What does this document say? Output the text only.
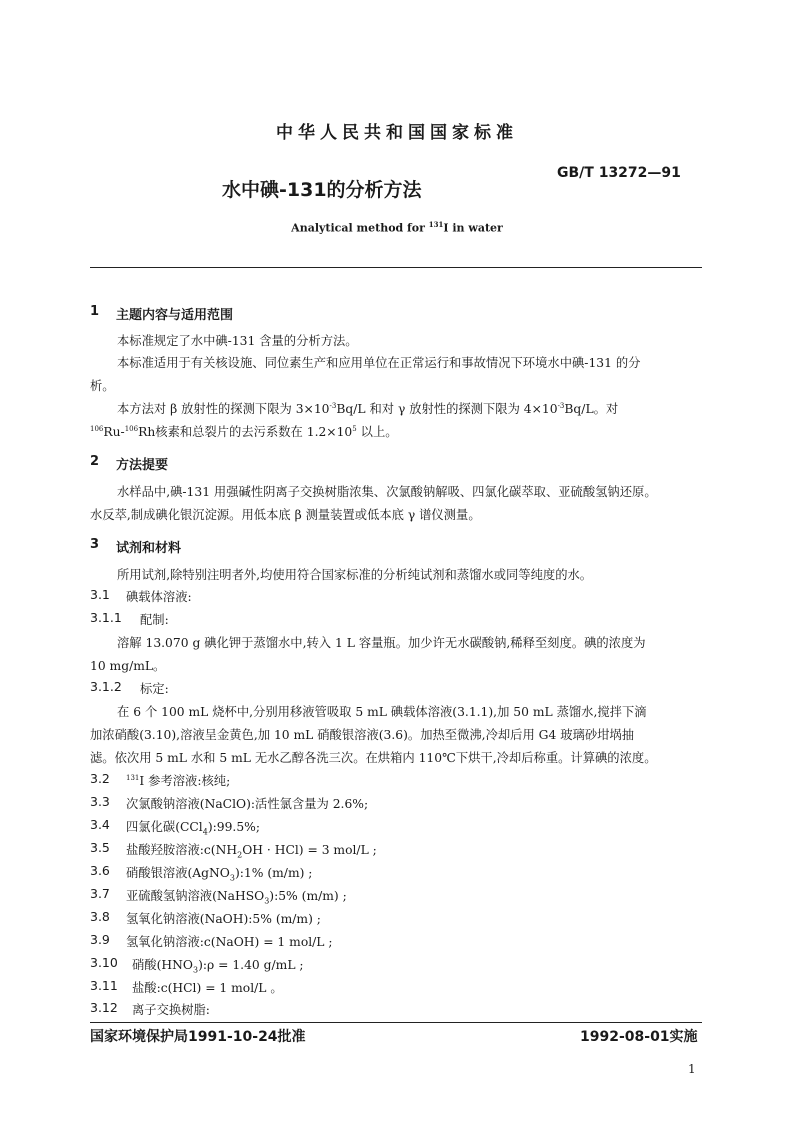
中华人民共和国国家标准
GB/T 13272—91
水中碘-131的分析方法
Analytical method for $^{131}$I in water
1 主题内容与适用范围
本标准规定了水中碘-131 含量的分析方法。
本标准适用于有关核设施、同位素生产和应用单位在正常运行和事故情况下环境水中碘-131 的分
析。
本方法对 β 放射性的探测下限为 $3\times 10^{-3}Bq/L$ 和对 γ 放射性的探测下限为 $4\times 10^{-3}Bq/L$。对
$^{106}$Ru-$^{106}$Rh核素和总裂片的去污系数在 $1.2\times 10^5$ 以上。
2 方法提要
水样品中,碘-131 用强碱性阴离子交换树脂浓集、次氯酸钠解吸、四氯化碳萃取、亚硫酸氢钠还原。
水反萃,制成碘化银沉淀源。用低本底 β 测量装置或低本底 γ 谱仪测量。
3 试剂和材料
所用试剂,除特别注明者外,均使用符合国家标准的分析纯试剂和蒸馏水或同等纯度的水。
3.1 碘载体溶液:
3.1.1 配制:
溶解 13.070 g 碘化钾于蒸馏水中,转入 1 L 容量瓶。加少许无水碳酸钠,稀释至刻度。碘的浓度为
10 mg/mL。
3.1.2 标定:
在 6 个 100 mL 烧杯中,分别用移液管吸取 5 mL 碘载体溶液(3.1.1),加 50 mL 蒸馏水,搅拌下滴
加浓硝酸(3.10),溶液呈金黄色,加 10 mL 硝酸银溶液(3.6)。加热至微沸,冷却后用 G4 玻璃砂坩埚抽
滤。依次用 5 mL 水和 5 mL 无水乙醇各洗三次。在烘箱内 110℃下烘干,冷却后称重。计算碘的浓度。
3.2 $^{131}$I 参考溶液:核纯;
3.3 次氯酸钠溶液(NaClO):活性氯含量为 2.6%;
3.4 四氯化碳(CCl$_4$):99.5%;
3.5 盐酸羟胺溶液$:c(NH_2OH \cdot HCl) = 3$ mol/L ;
3.6 硝酸银溶液(AgNO$_3$):1% (m/m) ;
3.7 亚硫酸氢钠溶液(NaHSO$_3$):5% (m/m) ;
3.8 氢氧化钠溶液(NaOH):5% (m/m) ;
3.9 氢氧化钠溶液:c(NaOH) = 1 mol/L ;
3.10 硝酸$(HNO_3):\rho = 1.40$ g/mL ;
3.11 盐酸:c(HCl) = 1 mol/L 。
3.12 离子交换树脂:
国家环境保护局1991-10-24批准	1992-08-01实施
1
